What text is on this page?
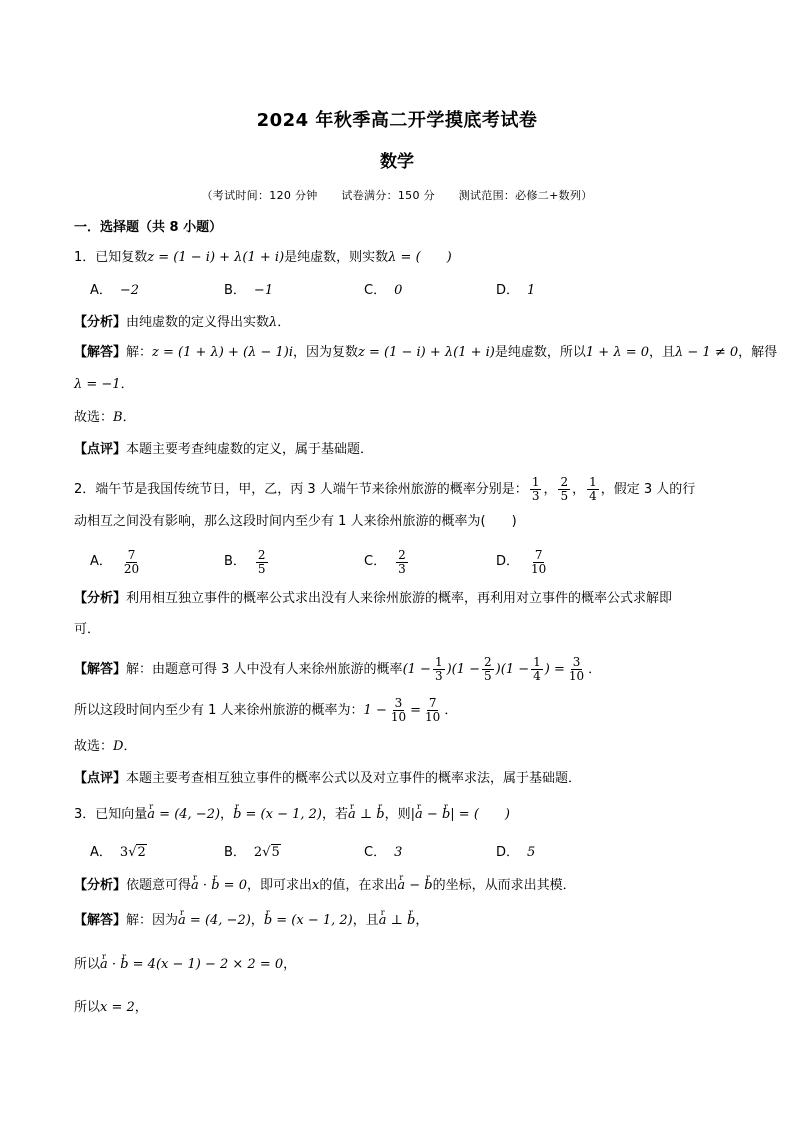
2024 年秋季高二开学摸底考试卷
数学
（考试时间：120 分钟 试卷满分：150 分 测试范围：必修二+数列）
一．选择题（共 8 小题）
1．已知复数z = (1 − i) + λ(1 + i)是纯虚数，则实数λ = (　　)
A． −2	B． −1	C． 0	D． 1
【分析】由纯虚数的定义得出实数λ．
【解答】解：z = (1 + λ) + (λ − 1)i，因为复数z = (1 − i) + λ(1 + i)是纯虚数，所以1 + λ = 0，且λ − 1 ≠ 0，解得
λ = −1．
故选：B．
【点评】本题主要考查纯虚数的定义，属于基础题．
2．端午节是我国传统节日，甲，乙，丙 3 人端午节来徐州旅游的概率分别是： $\frac{1}{3}$ ， $\frac{2}{5}$ ， $\frac{1}{4}$ ，假定 3 人的行
动相互之间没有影响，那么这段时间内至少有 1 人来徐州旅游的概率为(　　)
A． $\frac{7}{20}$	B． $\frac{2}{5}$	C． $\frac{2}{3}$	D． $\frac{7}{10}$
【分析】利用相互独立事件的概率公式求出没有人来徐州旅游的概率，再利用对立事件的概率公式求解即
可．
【解答】解：由题意可得 3 人中没有人来徐州旅游的概率$(1 - \frac{1}{3} )(1 - \frac{2}{5} )(1 - \frac{1}{4}$ ) = $\frac{3}{10}$ ．
所以这段时间内至少有 1 人来徐州旅游的概率为：$1 - \frac{3}{10} = \frac{7}{10}$ ．
故选：D．
【点评】本题主要考查相互独立事件的概率公式以及对立事件的概率求法，属于基础题．
3．已知向量r a = (4, −2)，r b = (x − 1, 2)，若r a ⊥ r b，则|r a − r b| = (　　)
A． 3√2	B． 2√5	C． 3	D． 5
【分析】依题意可得r a · r b = 0，即可求出x的值，在求出r a − r b的坐标，从而求出其模．
【解答】解：因为r a = (4, −2)，r b = (x − 1, 2)，且r a ⊥ r b，
所以r a · r b = 4(x − 1) − 2 × 2 = 0，
所以x = 2，
